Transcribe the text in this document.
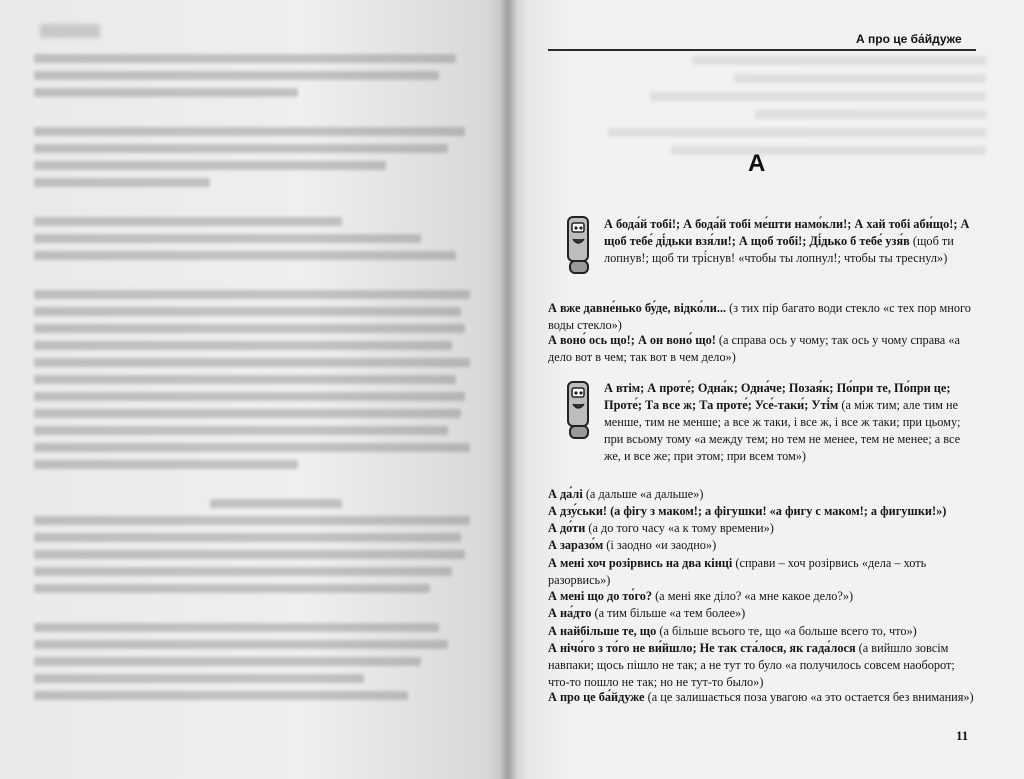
А про це ба́йдуже
А
А бода́й тобі!; А бода́й тобі ме́шти намо́кли!; А хай тобі аби́що!; А щоб тебе́ ді́дьки взя́ли!; А щоб тобі!; Ді́дько б тебе́ узя́в (щоб ти лопнув!; щоб ти трі́снув! «чтобы ты лопнул!; чтобы ты треснул»)
А вже давне́нько бу́де, відко́ли... (з тих пір багато води стекло «с тех пор много воды стекло»)
А воно́ ось що!; А он воно́ що! (а справа ось у чому; так ось у чому справа «а дело вот в чем; так вот в чем дело»)
А втім; А проте́; Одна́к; Одна́че; Позая́к; По́при те, По́при це; Проте́; Та все ж; Та проте́; Усе́-таки́; Уті́м (а між тим; але тим не менше, тим не менше; а все ж таки, і все ж, і все ж таки; при цьому; при всьому тому «а между тем; но тем не менее, тем не менее; а все же, и все же; при этом; при всем том»)
А да́лі (а дальше «а дальше»)
А дзу́ськи! (а фігу з маком!; а фігушки! «а фигу с маком!; а фигушки!»)
А до́ти (а до того часу «а к тому времени»)
А заразо́м (і заодно «и заодно»)
А мені хоч розірвись на два кінці (справи – хоч розірвись «дела – хоть разорвись»)
А мені що до то́го? (а мені яке діло? «а мне какое дело?»)
А на́дто (а тим більше «а тем более»)
А найбільше те, що (а більше всього те, що «а больше всего то, что»)
А нічо́го з то́го не ви́йшло; Не так ста́лося, як гада́лося (а вийшло зовсім навпаки; щось пішло не так; а не тут то було «а получилось совсем наоборот; что-то пошло не так; но не тут-то было»)
А про це ба́йдуже (а це залишається поза увагою «а это остается без внимания»)
11
